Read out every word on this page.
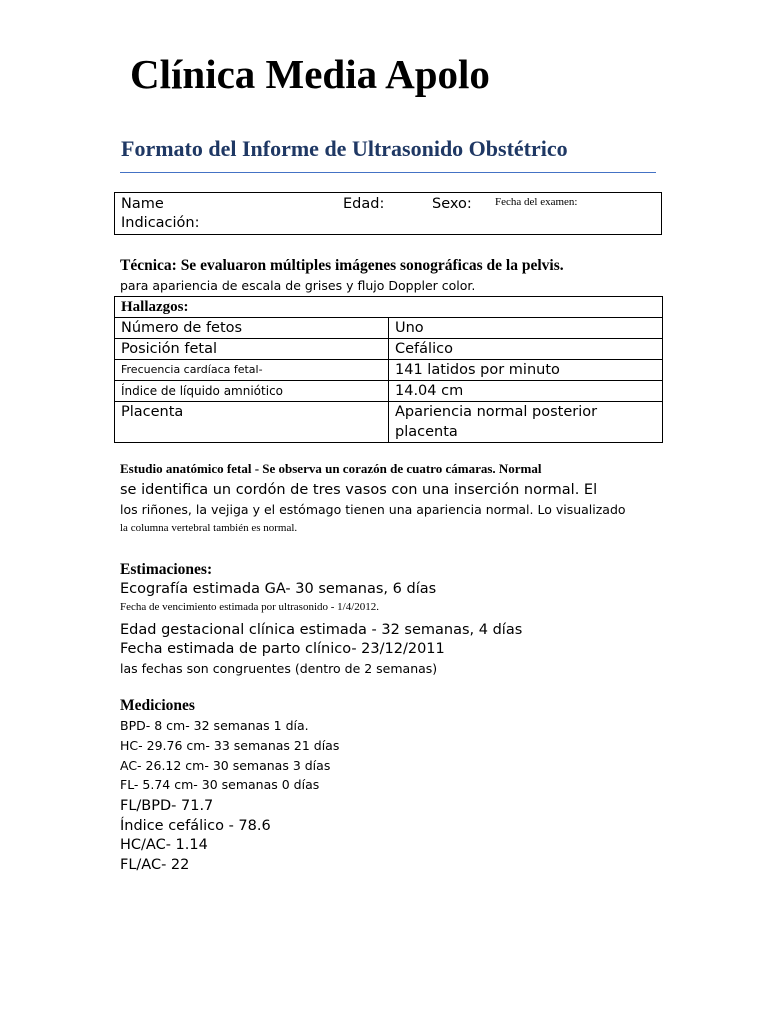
Clínica Media Apolo
Formato del Informe de Ultrasonido Obstétrico
Name	Edad:	Sexo: Fecha del examen:
Indicación:
Técnica: Se evaluaron múltiples imágenes sonográficas de la pelvis.
para apariencia de escala de grises y flujo Doppler color.
Hallazgos:	
Número de fetos	Uno
Posición fetal	Cefálico
Frecuencia cardíaca fetal-	141 latidos por minuto
Índice de líquido amniótico	14.04 cm
Placenta	Apariencia normal posterior
placenta
Estudio anatómico fetal - Se observa un corazón de cuatro cámaras. Normal
se identifica un cordón de tres vasos con una inserción normal. El
los riñones, la vejiga y el estómago tienen una apariencia normal. Lo visualizado
la columna vertebral también es normal.
Estimaciones:
Ecografía estimada GA- 30 semanas, 6 días
Fecha de vencimiento estimada por ultrasonido - 1/4/2012.
Edad gestacional clínica estimada - 32 semanas, 4 días
Fecha estimada de parto clínico- 23/12/2011
las fechas son congruentes (dentro de 2 semanas)
Mediciones
BPD- 8 cm- 32 semanas 1 día.
HC- 29.76 cm- 33 semanas 21 días
AC- 26.12 cm- 30 semanas 3 días
FL- 5.74 cm- 30 semanas 0 días
FL/BPD- 71.7
Índice cefálico - 78.6
HC/AC- 1.14
FL/AC- 22
